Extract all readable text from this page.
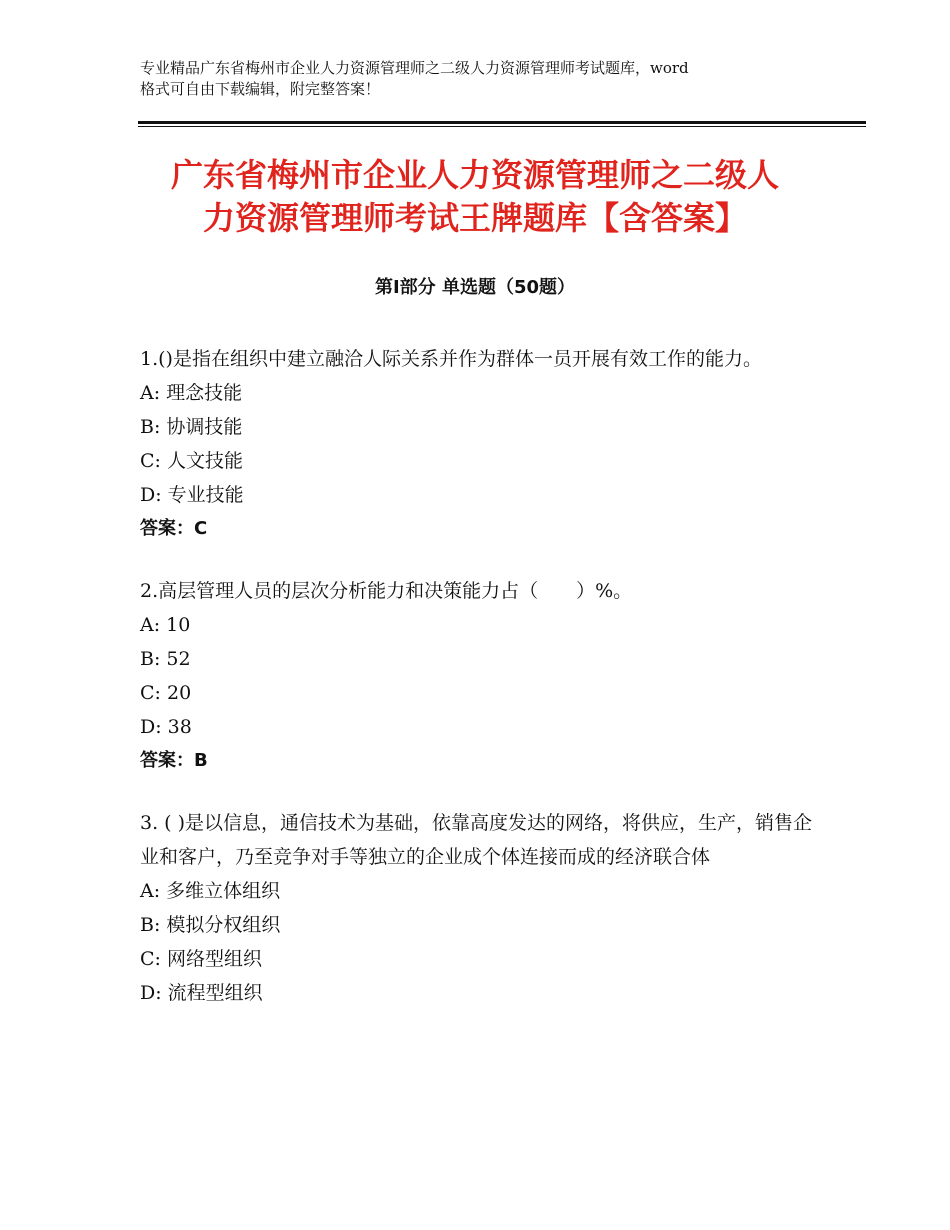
专业精品广东省梅州市企业人力资源管理师之二级人力资源管理师考试题库，word
格式可自由下载编辑，附完整答案！
广东省梅州市企业人力资源管理师之二级人
力资源管理师考试王牌题库【含答案】
第Ⅰ部分 单选题（50题）

1.()是指在组织中建立融洽人际关系并作为群体一员开展有效工作的能力。

A: 理念技能

B: 协调技能

C: 人文技能

D: 专业技能

答案：C

2.高层管理人员的层次分析能力和决策能力占（　　）%。

A: 10

B: 52

C: 20

D: 38

答案：B

3. ( )是以信息，通信技术为基础，依靠高度发达的网络，将供应，生产，销售企业和客户，乃至竞争对手等独立的企业成个体连接而成的经济联合体

A: 多维立体组织

B: 模拟分权组织

C: 网络型组织

D: 流程型组织
